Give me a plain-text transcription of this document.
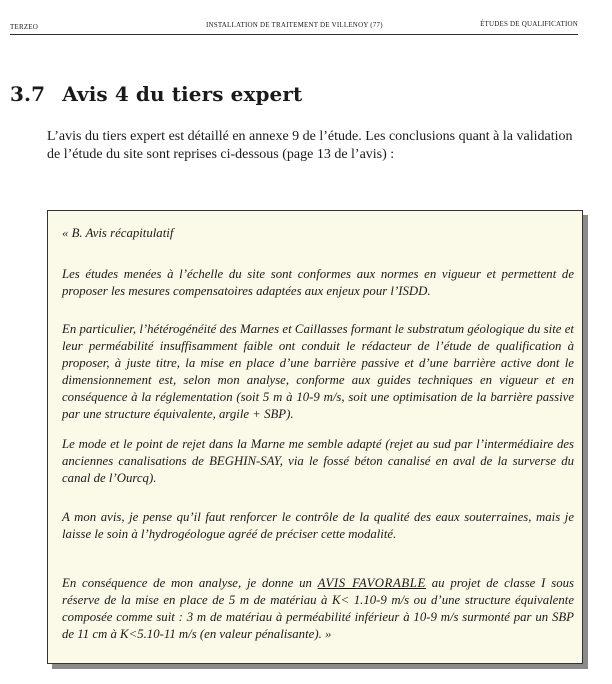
TERZEO	INSTALLATION DE TRAITEMENT DE VILLENOY (77)	ÉTUDES DE QUALIFICATION
3.7 Avis 4 du tiers expert
L’avis du tiers expert est détaillé en annexe 9 de l’étude. Les conclusions quant à la validation de l’étude du site sont reprises ci-dessous (page 13 de l’avis) :
« B. Avis récapitulatif
Les études menées à l’échelle du site sont conformes aux normes en vigueur et permettent de proposer les mesures compensatoires adaptées aux enjeux pour l’ISDD.
En particulier, l’hétérogénéité des Marnes et Caillasses formant le substratum géologique du site et leur perméabilité insuffisamment faible ont conduit le rédacteur de l’étude de qualification à proposer, à juste titre, la mise en place d’une barrière passive et d’une barrière active dont le dimensionnement est, selon mon analyse, conforme aux guides techniques en vigueur et en conséquence à la réglementation (soit 5 m à 10-9 m/s, soit une optimisation de la barrière passive par une structure équivalente, argile + SBP).
Le mode et le point de rejet dans la Marne me semble adapté (rejet au sud par l’intermédiaire des anciennes canalisations de BEGHIN-SAY, via le fossé béton canalisé en aval de la surverse du canal de l’Ourcq).
A mon avis, je pense qu’il faut renforcer le contrôle de la qualité des eaux souterraines, mais je laisse le soin à l’hydrogéologue agréé de préciser cette modalité.
En conséquence de mon analyse, je donne un AVIS FAVORABLE au projet de classe I sous réserve de la mise en place de 5 m de matériau à K< 1.10-9 m/s ou d’une structure équivalente composée comme suit : 3 m de matériau à perméabilité inférieur à 10-9 m/s surmonté par un SBP de 11 cm à K<5.10-11 m/s (en valeur pénalisante). »
